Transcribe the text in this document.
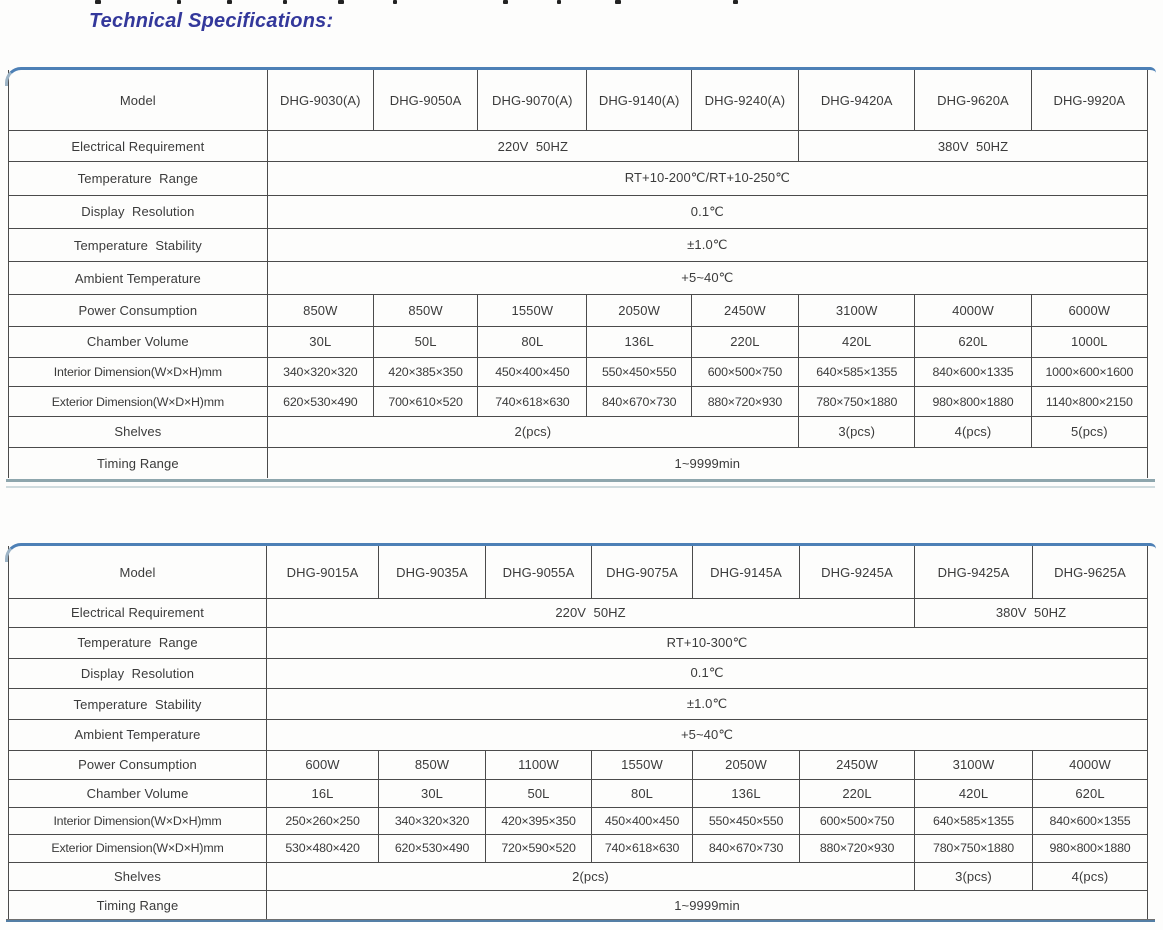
Technical Specifications:
Model	DHG-9030(A)	DHG-9050A	DHG-9070(A)	DHG-9140(A)	DHG-9240(A)	DHG-9420A	DHG-9620A	DHG-9920A
Electrical Requirement	220V  50HZ					380V  50HZ		
Temperature  Range	RT+10-200℃/RT+10-250℃							
Display  Resolution	0.1℃							
Temperature  Stability	±1.0℃							
Ambient Temperature	+5~40℃							
Power Consumption	850W	850W	1550W	2050W	2450W	3100W	4000W	6000W
Chamber Volume	30L	50L	80L	136L	220L	420L	620L	1000L
Interior Dimension(W×D×H)mm	340×320×320	420×385×350	450×400×450	550×450×550	600×500×750	640×585×1355	840×600×1335	1000×600×1600
Exterior Dimension(W×D×H)mm	620×530×490	700×610×520	740×618×630	840×670×730	880×720×930	780×750×1880	980×800×1880	1140×800×2150
Shelves	2(pcs)					3(pcs)	4(pcs)	5(pcs)
Timing Range	1~9999min							
Model	DHG-9015A	DHG-9035A	DHG-9055A	DHG-9075A	DHG-9145A	DHG-9245A	DHG-9425A	DHG-9625A
Electrical Requirement	220V  50HZ						380V  50HZ	
Temperature  Range	RT+10-300℃							
Display  Resolution	0.1℃							
Temperature  Stability	±1.0℃							
Ambient Temperature	+5~40℃							
Power Consumption	600W	850W	1100W	1550W	2050W	2450W	3100W	4000W
Chamber Volume	16L	30L	50L	80L	136L	220L	420L	620L
Interior Dimension(W×D×H)mm	250×260×250	340×320×320	420×395×350	450×400×450	550×450×550	600×500×750	640×585×1355	840×600×1355
Exterior Dimension(W×D×H)mm	530×480×420	620×530×490	720×590×520	740×618×630	840×670×730	880×720×930	780×750×1880	980×800×1880
Shelves	2(pcs)						3(pcs)	4(pcs)
Timing Range	1~9999min							
